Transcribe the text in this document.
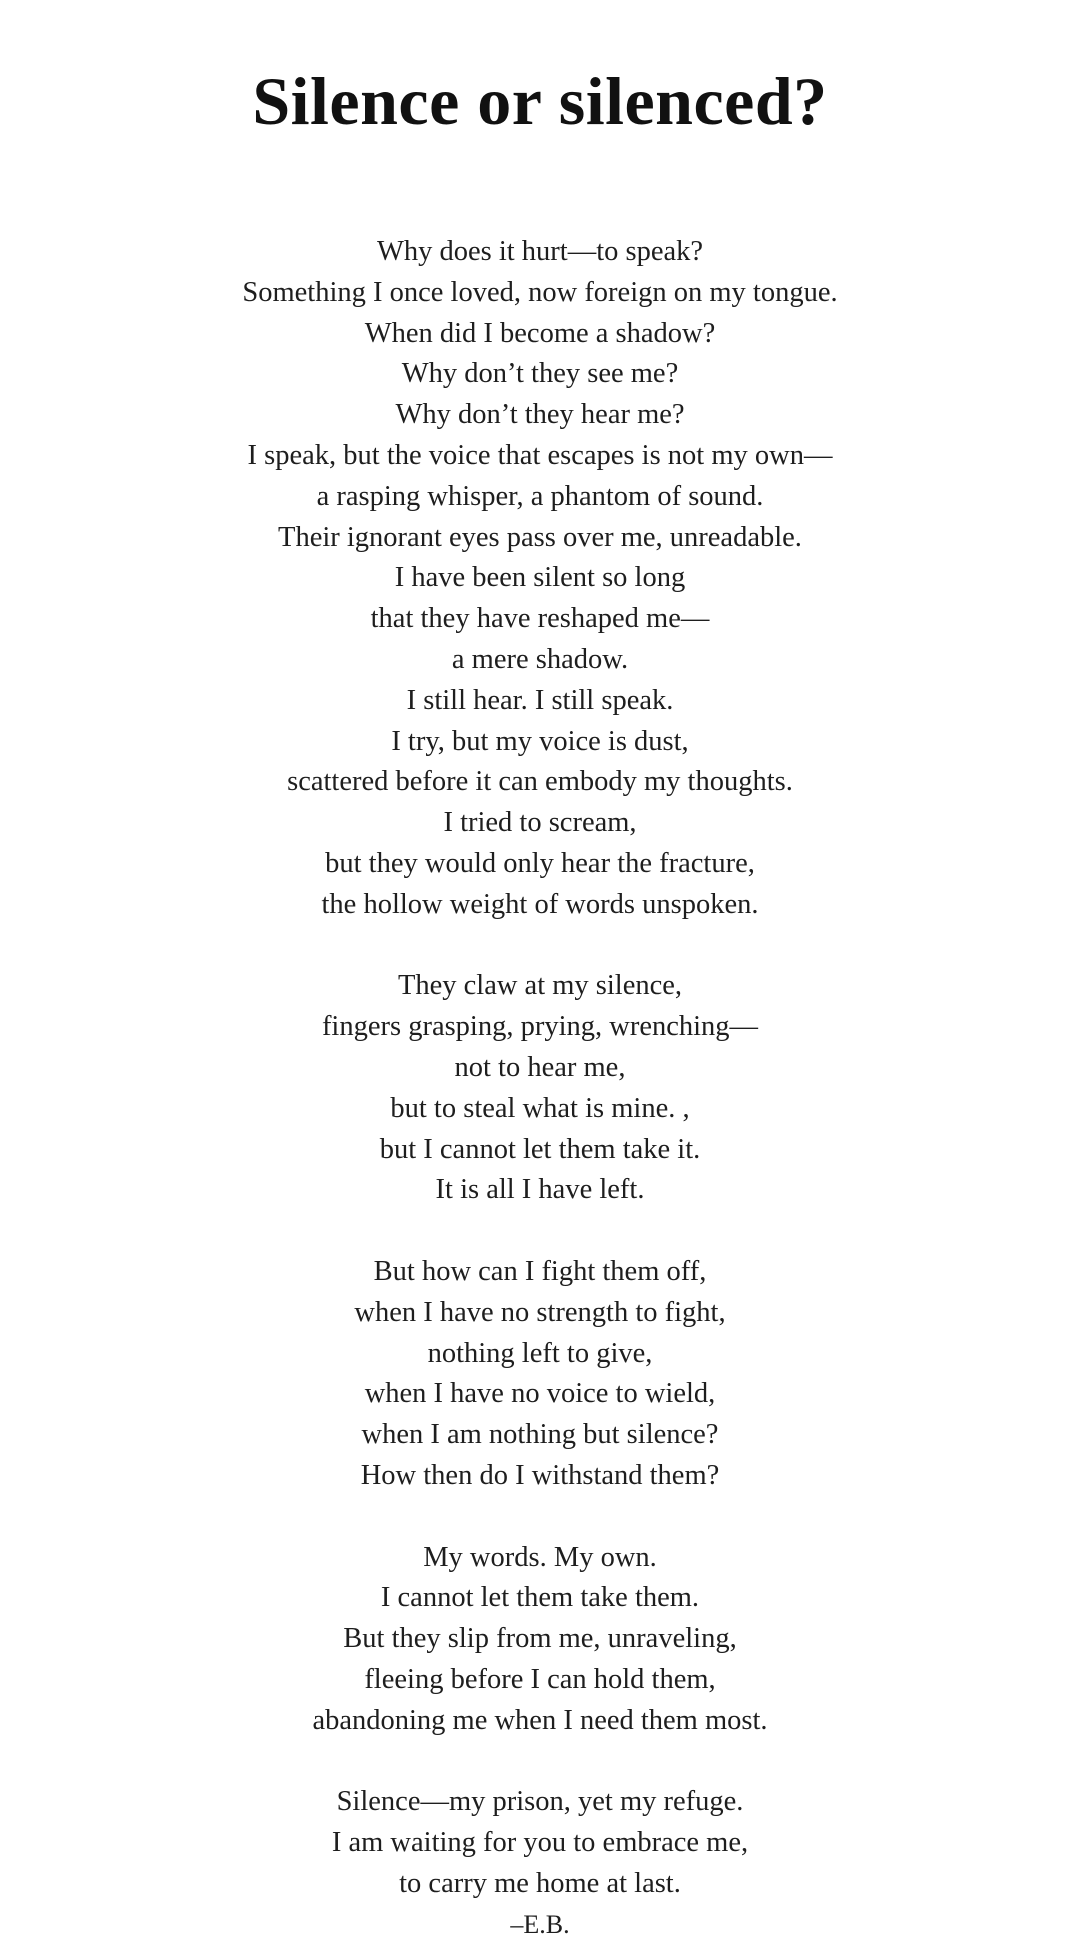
Silence or silenced?
Why does it hurt—to speak?
Something I once loved, now foreign on my tongue.
When did I become a shadow?
Why don’t they see me?
Why don’t they hear me?
I speak, but the voice that escapes is not my own—
a rasping whisper, a phantom of sound.
Their ignorant eyes pass over me, unreadable.
I have been silent so long
that they have reshaped me—
a mere shadow.
I still hear. I still speak.
I try, but my voice is dust,
scattered before it can embody my thoughts.
I tried to scream,
but they would only hear the fracture,
the hollow weight of words unspoken.
They claw at my silence,
fingers grasping, prying, wrenching—
not to hear me,
but to steal what is mine. ,
but I cannot let them take it.
It is all I have left.
But how can I fight them off,
when I have no strength to fight,
nothing left to give,
when I have no voice to wield,
when I am nothing but silence?
How then do I withstand them?
My words. My own.
I cannot let them take them.
But they slip from me, unraveling,
fleeing before I can hold them,
abandoning me when I need them most.
Silence—my prison, yet my refuge.
I am waiting for you to embrace me,
to carry me home at last.
–E.B.
